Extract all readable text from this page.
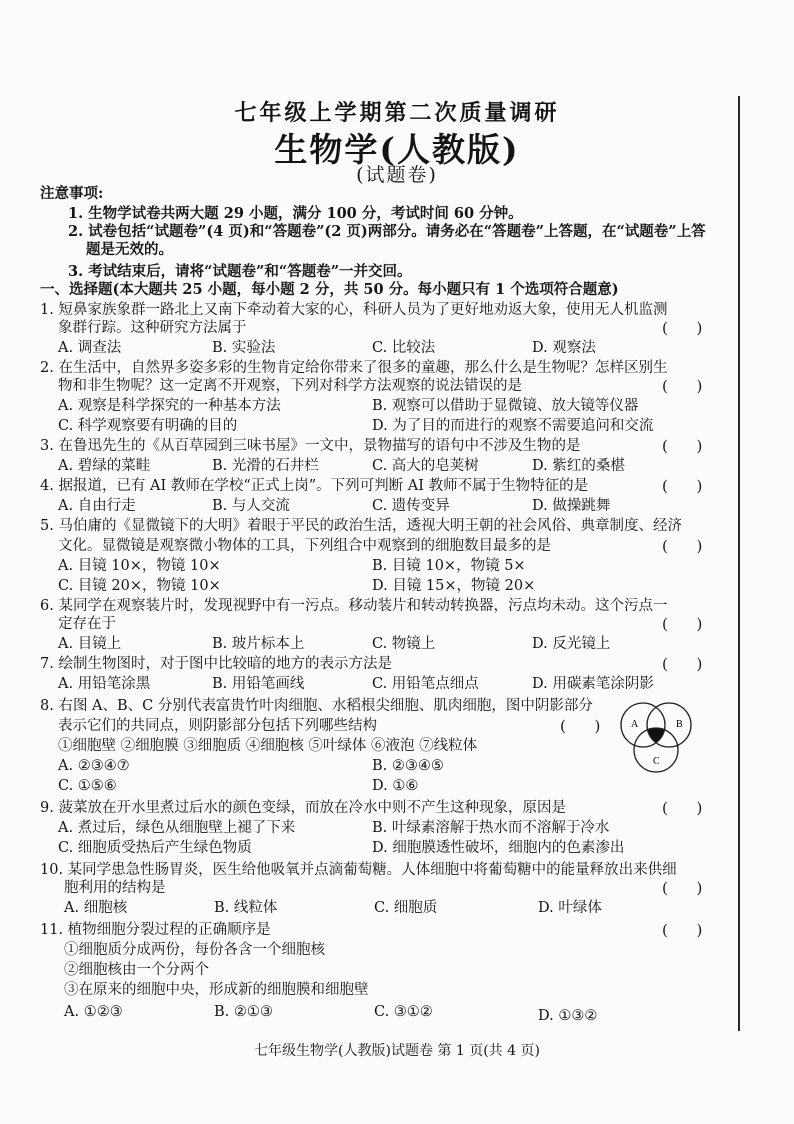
七年级上学期第二次质量调研
生物学(人教版)
(试题卷)
注意事项:
1. 生物学试卷共两大题 29 小题，满分 100 分，考试时间 60 分钟。
2. 试卷包括“试题卷”(4 页)和“答题卷”(2 页)两部分。请务必在“答题卷”上答题，在“试题卷”上答
题是无效的。
3. 考试结束后，请将“试题卷”和“答题卷”一并交回。
一、选择题(本大题共 25 小题，每小题 2 分，共 50 分。每小题只有 1 个选项符合题意)
1. 短鼻家族象群一路北上又南下牵动着大家的心，科研人员为了更好地劝返大象，使用无人机监测
象群行踪。这种研究方法属于	(      )
A. 调查法	B. 实验法	C. 比较法	D. 观察法
2. 在生活中，自然界多姿多彩的生物肯定给你带来了很多的童趣，那么什么是生物呢？怎样区别生
物和非生物呢？这一定离不开观察，下列对科学方法观察的说法错误的是	(      )
A. 观察是科学探究的一种基本方法	B. 观察可以借助于显微镜、放大镜等仪器
C. 科学观察要有明确的目的	D. 为了目的而进行的观察不需要追问和交流
3. 在鲁迅先生的《从百草园到三味书屋》一文中，景物描写的语句中不涉及生物的是	(      )
A. 碧绿的菜畦	B. 光滑的石井栏	C. 高大的皂荚树	D. 紫红的桑椹
4. 据报道，已有 AI 教师在学校“正式上岗”。下列可判断 AI 教师不属于生物特征的是	(      )
A. 自由行走	B. 与人交流	C. 遗传变异	D. 做操跳舞
5. 马伯庸的《显微镜下的大明》着眼于平民的政治生活，透视大明王朝的社会风俗、典章制度、经济
文化。显微镜是观察微小物体的工具，下列组合中观察到的细胞数目最多的是	(      )
A. 目镜 10×，物镜 10×	B. 目镜 10×，物镜 5×
C. 目镜 20×，物镜 10×	D. 目镜 15×，物镜 20×
6. 某同学在观察装片时，发现视野中有一污点。移动装片和转动转换器，污点均未动。这个污点一
定存在于	(      )
A. 目镜上	B. 玻片标本上	C. 物镜上	D. 反光镜上
7. 绘制生物图时，对于图中比较暗的地方的表示方法是	(      )
A. 用铅笔涂黑	B. 用铅笔画线	C. 用铅笔点细点	D. 用碳素笔涂阴影
8. 右图 A、B、C 分别代表富贵竹叶肉细胞、水稻根尖细胞、肌肉细胞，图中阴影部分
表示它们的共同点，则阴影部分包括下列哪些结构	(      )
①细胞壁 ②细胞膜 ③细胞质 ④细胞核 ⑤叶绿体 ⑥液泡 ⑦线粒体
A. ②③④⑦	B. ②③④⑤
C. ①⑤⑥	D. ①⑥
A	B
C
9. 菠菜放在开水里煮过后水的颜色变绿，而放在冷水中则不产生这种现象，原因是	(      )
A. 煮过后，绿色从细胞壁上褪了下来	B. 叶绿素溶解于热水而不溶解于冷水
C. 细胞质受热后产生绿色物质	D. 细胞膜透性破坏，细胞内的色素渗出
10. 某同学患急性肠胃炎，医生给他吸氧并点滴葡萄糖。人体细胞中将葡萄糖中的能量释放出来供细
胞利用的结构是	(      )
A. 细胞核	B. 线粒体	C. 细胞质	D. 叶绿体
11. 植物细胞分裂过程的正确顺序是	(      )
①细胞质分成两份，每份各含一个细胞核
②细胞核由一个分两个
③在原来的细胞中央，形成新的细胞膜和细胞壁
A. ①②③	B. ②①③	C. ③①②	D. ①③②
七年级生物学(人教版)试题卷 第 1 页(共 4 页)
